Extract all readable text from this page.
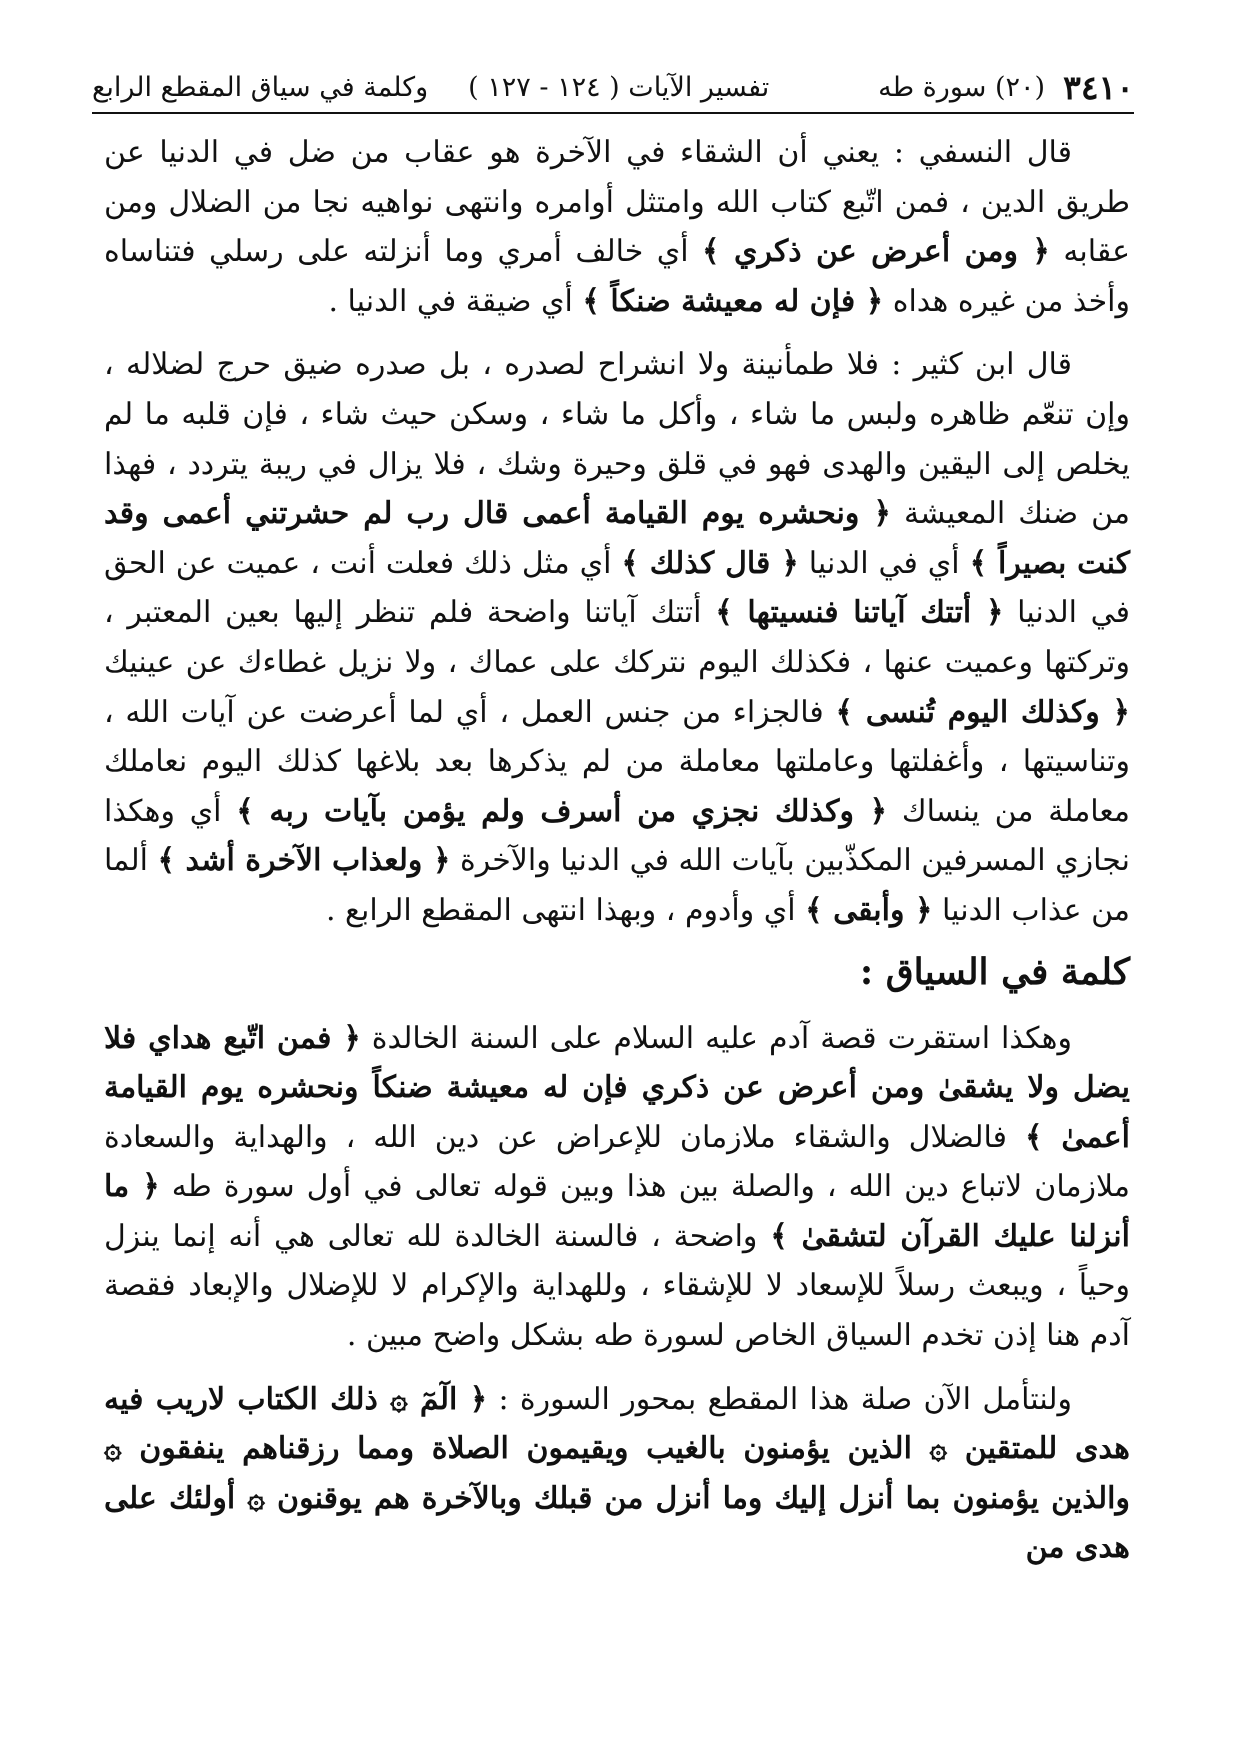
٣٤١٠
(٢٠) سورة طه
تفسير الآيات ( ١٢٤ - ١٢٧ )
وكلمة في سياق المقطع الرابع

قال النسفي : يعني أن الشقاء في الآخرة هو عقاب من ضل في الدنيا عن طريق الدين ، فمن اتّبع كتاب الله وامتثل أوامره وانتهى نواهيه نجا من الضلال ومن عقابه ﴿ ومن أعرض عن ذكري ﴾ أي خالف أمري وما أنزلته على رسلي فتناساه وأخذ من غيره هداه ﴿ فإن له معيشة ضنكاً ﴾ أي ضيقة في الدنيا .

قال ابن كثير : فلا طمأنينة ولا انشراح لصدره ، بل صدره ضيق حرج لضلاله ، وإن تنعّم ظاهره ولبس ما شاء ، وأكل ما شاء ، وسكن حيث شاء ، فإن قلبه ما لم يخلص إلى اليقين والهدى فهو في قلق وحيرة وشك ، فلا يزال في ريبة يتردد ، فهذا من ضنك المعيشة ﴿ ونحشره يوم القيامة أعمى قال رب لم حشرتني أعمى وقد كنت بصيراً ﴾ أي في الدنيا ﴿ قال كذلك ﴾ أي مثل ذلك فعلت أنت ، عميت عن الحق في الدنيا ﴿ أتتك آياتنا فنسيتها ﴾ أتتك آياتنا واضحة فلم تنظر إليها بعين المعتبر ، وتركتها وعميت عنها ، فكذلك اليوم نتركك على عماك ، ولا نزيل غطاءك عن عينيك ﴿ وكذلك اليوم تُنسى ﴾ فالجزاء من جنس العمل ، أي لما أعرضت عن آيات الله ، وتناسيتها ، وأغفلتها وعاملتها معاملة من لم يذكرها بعد بلاغها كذلك اليوم نعاملك معاملة من ينساك ﴿ وكذلك نجزي من أسرف ولم يؤمن بآيات ربه ﴾ أي وهكذا نجازي المسرفين المكذّبين بآيات الله في الدنيا والآخرة ﴿ ولعذاب الآخرة أشد ﴾ ألما من عذاب الدنيا ﴿ وأبقى ﴾ أي وأدوم ، وبهذا انتهى المقطع الرابع .

كلمة في السياق :

وهكذا استقرت قصة آدم عليه السلام على السنة الخالدة ﴿ فمن اتّبع هداي فلا يضل ولا يشقىٰ ومن أعرض عن ذكري فإن له معيشة ضنكاً ونحشره يوم القيامة أعمىٰ ﴾ فالضلال والشقاء ملازمان للإعراض عن دين الله ، والهداية والسعادة ملازمان لاتباع دين الله ، والصلة بين هذا وبين قوله تعالى في أول سورة طه ﴿ ما أنزلنا عليك القرآن لتشقىٰ ﴾ واضحة ، فالسنة الخالدة لله تعالى هي أنه إنما ينزل وحياً ، ويبعث رسلاً للإسعاد لا للإشقاء ، وللهداية والإكرام لا للإضلال والإبعاد فقصة آدم هنا إذن تخدم السياق الخاص لسورة طه بشكل واضح مبين .

ولنتأمل الآن صلة هذا المقطع بمحور السورة : ﴿ الٓمٓ ۞ ذلك الكتاب لاريب فيه هدى للمتقين ۞ الذين يؤمنون بالغيب ويقيمون الصلاة ومما رزقناهم ينفقون ۞ والذين يؤمنون بما أنزل إليك وما أنزل من قبلك وبالآخرة هم يوقنون ۞ أولئك على هدى من
